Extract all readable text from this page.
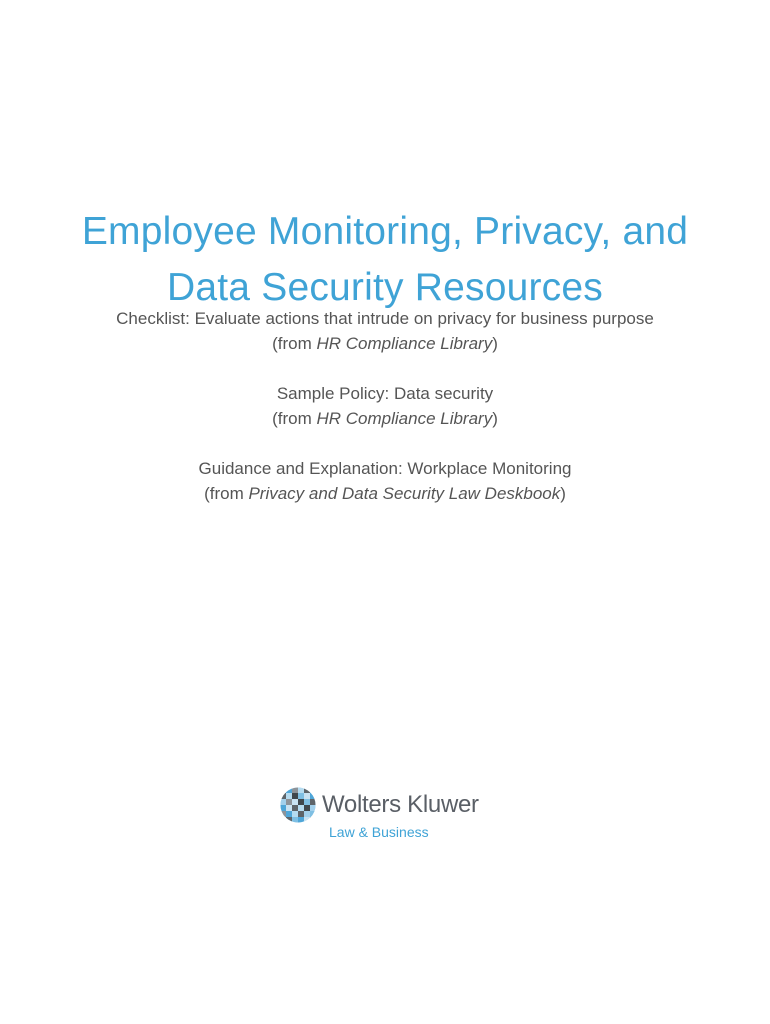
Employee Monitoring, Privacy, and
Data Security Resources
Checklist: Evaluate actions that intrude on privacy for business purpose
(from HR Compliance Library)
Sample Policy: Data security
(from HR Compliance Library)
Guidance and Explanation: Workplace Monitoring
(from Privacy and Data Security Law Deskbook)
Wolters Kluwer
Law & Business
